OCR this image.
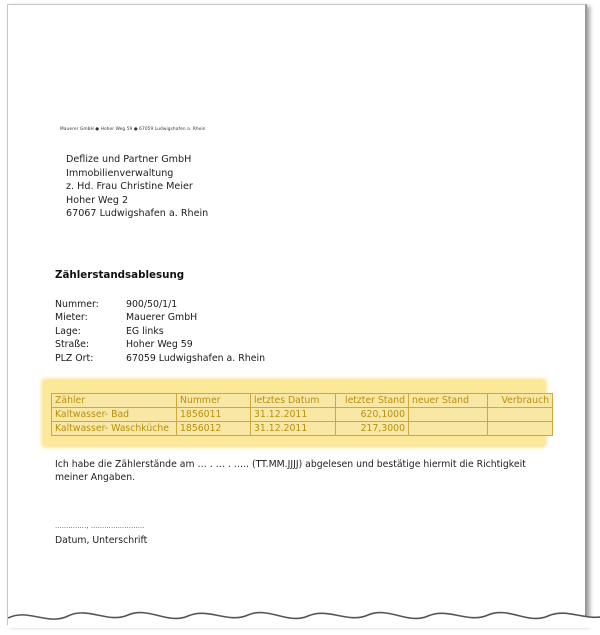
Mauerer GmbH ● Hoher Weg 59 ● 67059 Ludwigshafen a. Rhein
Deflize und Partner GmbH
Immobilienverwaltung
z. Hd. Frau Christine Meier
Hoher Weg 2
67067 Ludwigshafen a. Rhein
Zählerstandsablesung
Nummer:	900/50/1/1
Mieter:	Mauerer GmbH
Lage:	EG links
Straße:	Hoher Weg 59
PLZ Ort:	67059 Ludwigshafen a. Rhein
Zähler	Nummer	letztes Datum	letzter Stand	neuer Stand	Verbrauch
Kaltwasser- Bad	1856011	31.12.2011	620,1000		
Kaltwasser- Waschküche	1856012	31.12.2011	217,3000		
Ich habe die Zählerstände am … . … . ….. (TT.MM.JJJJ) abgelesen und bestätige hiermit die Richtigkeit meiner Angaben.
………….., ……………………
Datum, Unterschrift
